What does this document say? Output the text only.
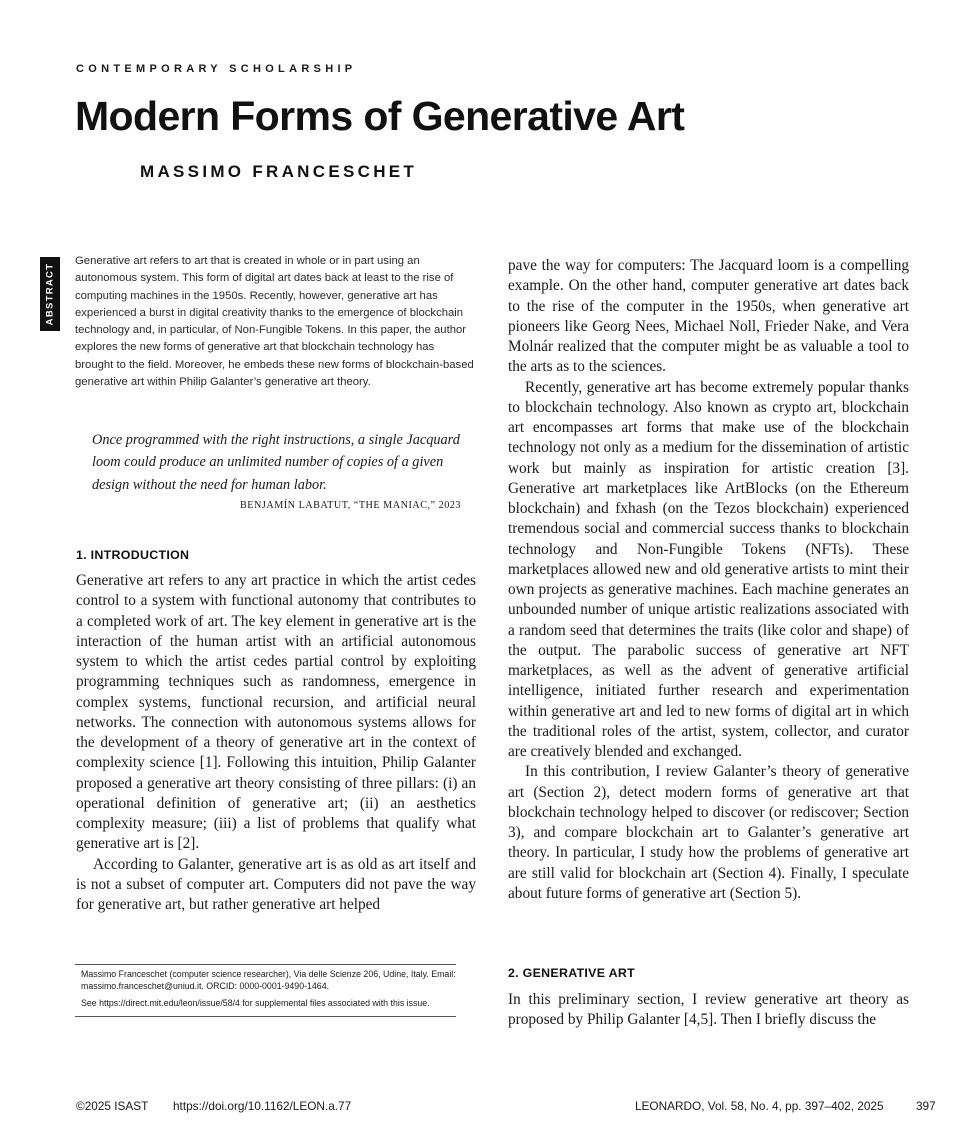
CONTEMPORARY SCHOLARSHIP
Modern Forms of Generative Art
MASSIMO FRANCESCHET
ABSTRACT

Generative art refers to art that is created in whole or in part using an autonomous system. This form of digital art dates back at least to the rise of computing machines in the 1950s. Recently, however, generative art has experienced a burst in digital creativity thanks to the emergence of blockchain technology and, in particular, of Non-Fungible Tokens. In this paper, the author explores the new forms of generative art that blockchain technology has brought to the field. Moreover, he embeds these new forms of blockchain-based generative art within Philip Galanter’s generative art theory.

Once programmed with the right instructions, a single Jacquard loom could produce an unlimited number of copies of a given design without the need for human labor.

BENJAMÍN LABATUT, “THE MANIAC,” 2023

1. INTRODUCTION

Generative art refers to any art practice in which the artist cedes control to a system with functional autonomy that contributes to a completed work of art. The key element in generative art is the interaction of the human artist with an artificial autonomous system to which the artist cedes partial control by exploiting programming techniques such as randomness, emergence in complex systems, functional recursion, and artificial neural networks. The connection with autonomous systems allows for the development of a theory of generative art in the context of complexity science [1]. Following this intuition, Philip Galanter proposed a generative art theory consisting of three pillars: (i) an operational definition of generative art; (ii) an aesthetics complexity measure; (iii) a list of problems that qualify what generative art is [2].

According to Galanter, generative art is as old as art itself and is not a subset of computer art. Computers did not pave the way for generative art, but rather generative art helped

Massimo Franceschet (computer science researcher), Via delle Scienze 206, Udine, Italy. Email: massimo.franceschet@uniud.it. ORCID: 0000-0001-9490-1464.

See https://direct.mit.edu/leon/issue/58/4 for supplemental files associated with this issue.

pave the way for computers: The Jacquard loom is a compelling example. On the other hand, computer generative art dates back to the rise of the computer in the 1950s, when generative art pioneers like Georg Nees, Michael Noll, Frieder Nake, and Vera Molnár realized that the computer might be as valuable a tool to the arts as to the sciences.

Recently, generative art has become extremely popular thanks to blockchain technology. Also known as crypto art, blockchain art encompasses art forms that make use of the blockchain technology not only as a medium for the dissemination of artistic work but mainly as inspiration for artistic creation [3]. Generative art marketplaces like ArtBlocks (on the Ethereum blockchain) and fxhash (on the Tezos blockchain) experienced tremendous social and commercial success thanks to blockchain technology and Non-Fungible Tokens (NFTs). These marketplaces allowed new and old generative artists to mint their own projects as generative machines. Each machine generates an unbounded number of unique artistic realizations associated with a random seed that determines the traits (like color and shape) of the output. The parabolic success of generative art NFT marketplaces, as well as the advent of generative artificial intelligence, initiated further research and experimentation within generative art and led to new forms of digital art in which the traditional roles of the artist, system, collector, and curator are creatively blended and exchanged.

In this contribution, I review Galanter’s theory of generative art (Section 2), detect modern forms of generative art that blockchain technology helped to discover (or rediscover; Section 3), and compare blockchain art to Galanter’s generative art theory. In particular, I study how the problems of generative art are still valid for blockchain art (Section 4). Finally, I speculate about future forms of generative art (Section 5).

2. GENERATIVE ART

In this preliminary section, I review generative art theory as proposed by Philip Galanter [4,5]. Then I briefly discuss the

©2025 ISAST https://doi.org/10.1162/LEON.a.77	LEONARDO, Vol. 58, No. 4, pp. 397–402, 2025	397
